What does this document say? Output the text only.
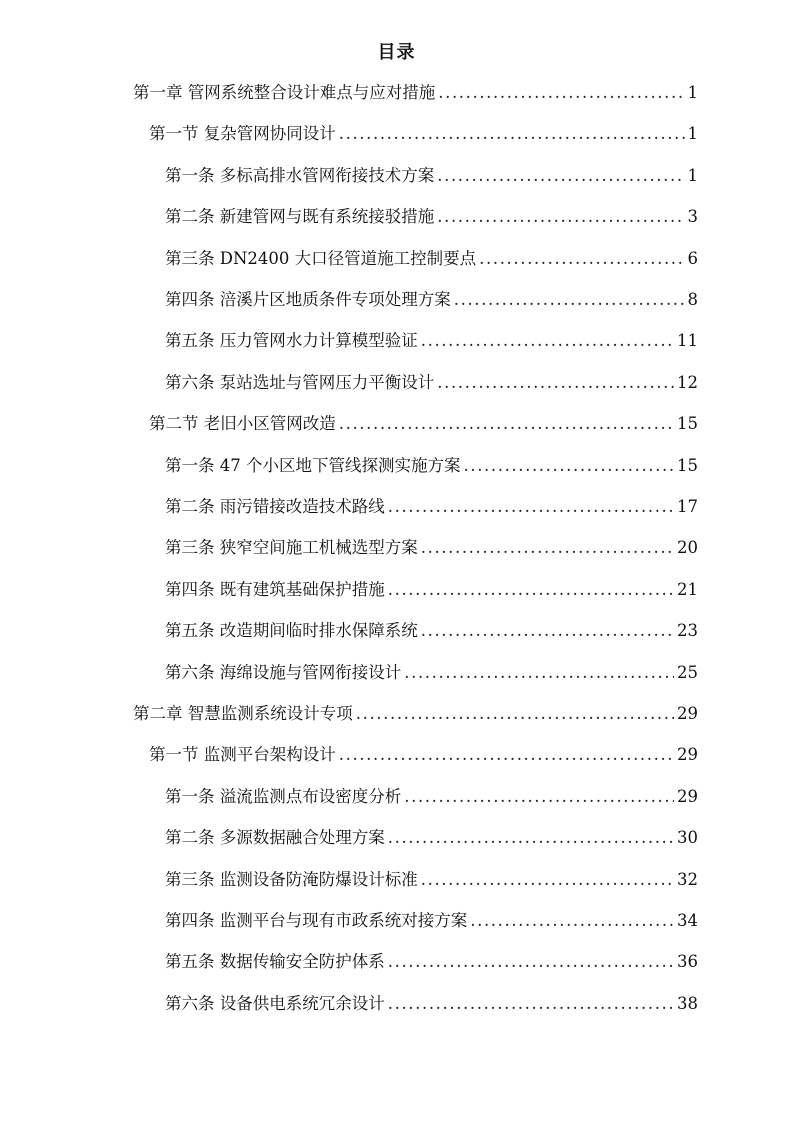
目录
第一章 管网系统整合设计难点与应对措施 .....	1
第一节 复杂管网协同设计 .....	1
第一条 多标高排水管网衔接技术方案 .....	1
第二条 新建管网与既有系统接驳措施 .....	3
第三条 DN2400 大口径管道施工控制要点 .....	6
第四条 涪溪片区地质条件专项处理方案 .....	8
第五条 压力管网水力计算模型验证 .....	11
第六条 泵站选址与管网压力平衡设计 .....	12
第二节 老旧小区管网改造 .....	15
第一条 47 个小区地下管线探测实施方案 .....	15
第二条 雨污错接改造技术路线 .....	17
第三条 狭窄空间施工机械选型方案 .....	20
第四条 既有建筑基础保护措施 .....	21
第五条 改造期间临时排水保障系统 .....	23
第六条 海绵设施与管网衔接设计 .....	25
第二章 智慧监测系统设计专项 .....	29
第一节 监测平台架构设计 .....	29
第一条 溢流监测点布设密度分析 .....	29
第二条 多源数据融合处理方案 .....	30
第三条 监测设备防淹防爆设计标准 .....	32
第四条 监测平台与现有市政系统对接方案 .....	34
第五条 数据传输安全防护体系 .....	36
第六条 设备供电系统冗余设计 .....	38
